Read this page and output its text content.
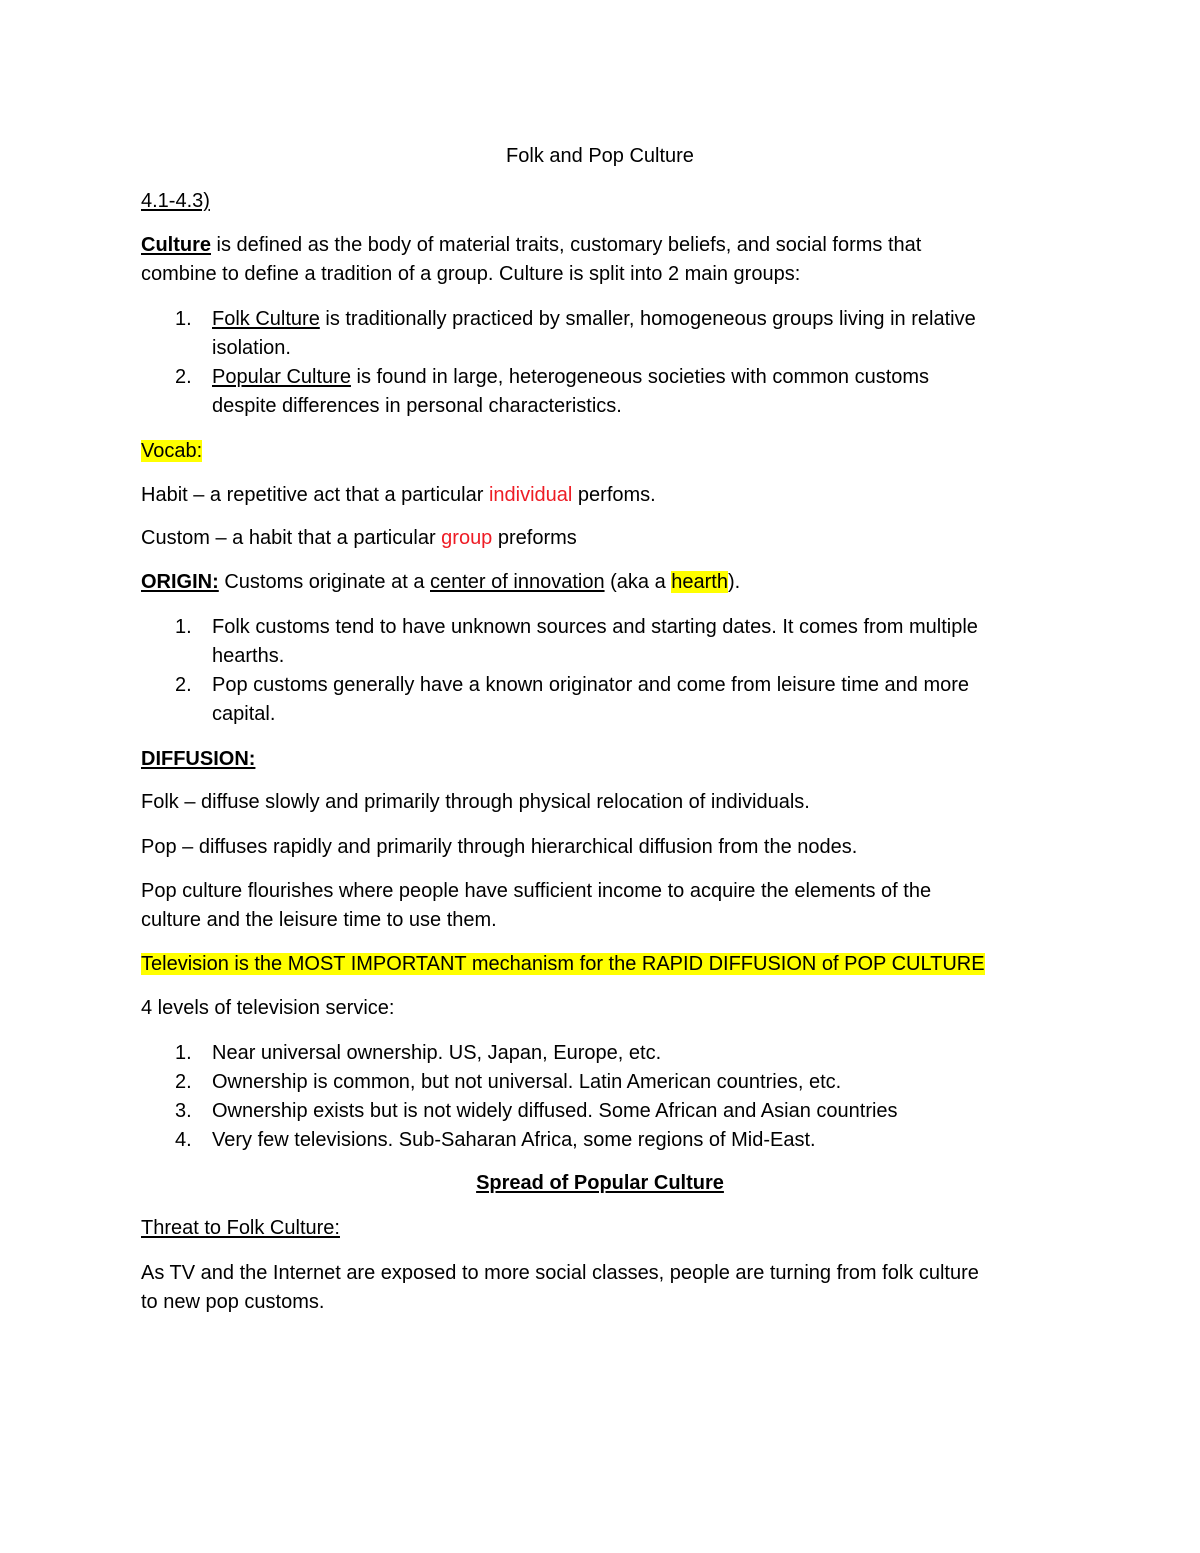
Folk and Pop Culture
4.1-4.3)
Culture is defined as the body of material traits, customary beliefs, and social forms that
combine to define a tradition of a group. Culture is split into 2 main groups:
1. Folk Culture is traditionally practiced by smaller, homogeneous groups living in relative
isolation.
2. Popular Culture is found in large, heterogeneous societies with common customs
despite differences in personal characteristics.
Vocab:
Habit – a repetitive act that a particular individual perfoms.
Custom – a habit that a particular group preforms
ORIGIN: Customs originate at a center of innovation (aka a hearth).
1. Folk customs tend to have unknown sources and starting dates. It comes from multiple
hearths.
2. Pop customs generally have a known originator and come from leisure time and more
capital.
DIFFUSION:
Folk – diffuse slowly and primarily through physical relocation of individuals.
Pop – diffuses rapidly and primarily through hierarchical diffusion from the nodes.
Pop culture flourishes where people have sufficient income to acquire the elements of the
culture and the leisure time to use them.
Television is the MOST IMPORTANT mechanism for the RAPID DIFFUSION of POP CULTURE
4 levels of television service:
1. Near universal ownership. US, Japan, Europe, etc.
2. Ownership is common, but not universal. Latin American countries, etc.
3. Ownership exists but is not widely diffused. Some African and Asian countries
4. Very few televisions. Sub-Saharan Africa, some regions of Mid-East.
Spread of Popular Culture
Threat to Folk Culture:
As TV and the Internet are exposed to more social classes, people are turning from folk culture
to new pop customs.
